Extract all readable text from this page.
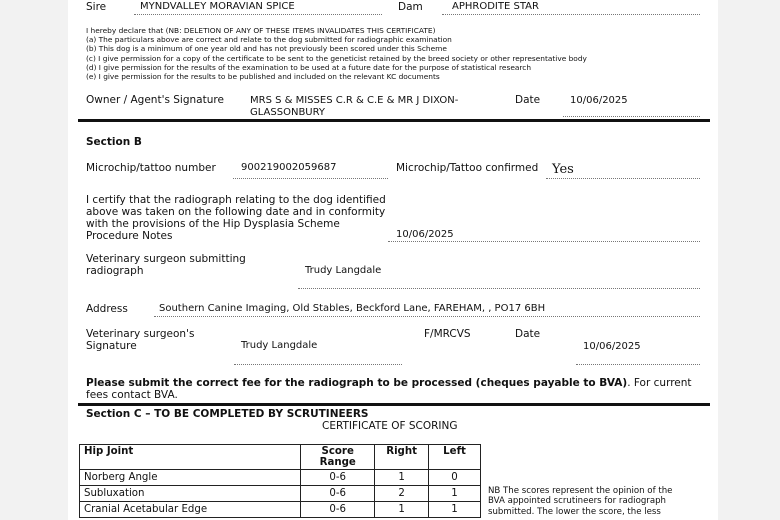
Sire	MYNDVALLEY MORAVIAN SPICE	Dam	APHRODITE STAR
I hereby declare that (NB: DELETION OF ANY OF THESE ITEMS INVALIDATES THIS CERTIFICATE)
(a) The particulars above are correct and relate to the dog submitted for radiographic examination
(b) This dog is a minimum of one year old and has not previously been scored under this Scheme
(c) I give permission for a copy of the certificate to be sent to the geneticist retained by the breed society or other representative body
(d) I give permission for the results of the examination to be used at a future date for the purpose of statistical research
(e) I give permission for the results to be published and included on the relevant KC documents
Owner / Agent's Signature	MRS S & MISSES C.R & C.E & MR J DIXON-
GLASSONBURY
Date	10/06/2025
Section B
Microchip/tattoo number	900219002059687	Microchip/Tattoo confirmed Yes
I certify that the radiograph relating to the dog identified
above was taken on the following date and in conformity
with the provisions of the Hip Dysplasia Scheme
Procedure Notes	10/06/2025
Veterinary surgeon submitting
radiograph	Trudy Langdale
Address	Southern Canine Imaging, Old Stables, Beckford Lane, FAREHAM, , PO17 6BH
Veterinary surgeon's
Signature	Trudy Langdale
F/MRCVS	Date
10/06/2025
Please submit the correct fee for the radiograph to be processed (cheques payable to BVA). For current
fees contact BVA.
Section C – TO BE COMPLETED BY SCRUTINEERS
CERTIFICATE OF SCORING
Hip Joint	Score Range	Right	Left
Norberg Angle	0-6	1	0
Subluxation	0-6	2	1
Cranial Acetabular Edge	0-6	1	1
NB The scores represent the opinion of the
BVA appointed scrutineers for radiograph
submitted. The lower the score, the less
